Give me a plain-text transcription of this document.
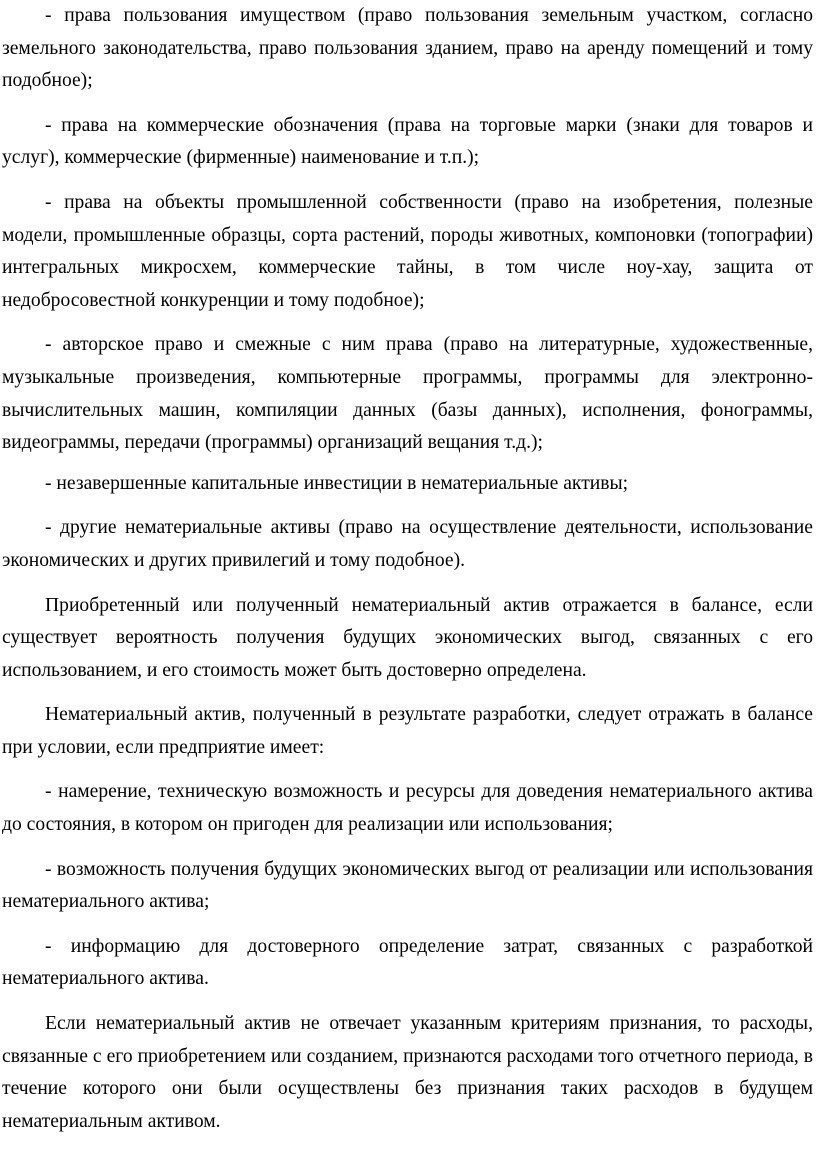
- права пользования имуществом (право пользования земельным участком, согласно земельного законодательства, право пользования зданием, право на аренду помещений и тому подобное);

- права на коммерческие обозначения (права на торговые марки (знаки для товаров и услуг), коммерческие (фирменные) наименование и т.п.);

- права на объекты промышленной собственности (право на изобретения, полезные модели, промышленные образцы, сорта растений, породы животных, компоновки (топографии) интегральных микросхем, коммерческие тайны, в том числе ноу-хау, защита от недобросовестной конкуренции и тому подобное);

- авторское право и смежные с ним права (право на литературные, художественные, музыкальные произведения, компьютерные программы, программы для электронно-вычислительных машин, компиляции данных (базы данных), исполнения, фонограммы, видеограммы, передачи (программы) организаций вещания т.д.);

- незавершенные капитальные инвестиции в нематериальные активы;

- другие нематериальные активы (право на осуществление деятельности, использование экономических и других привилегий и тому подобное).

Приобретенный или полученный нематериальный актив отражается в балансе, если существует вероятность получения будущих экономических выгод, связанных с его использованием, и его стоимость может быть достоверно определена.

Нематериальный актив, полученный в результате разработки, следует отражать в балансе при условии, если предприятие имеет:

- намерение, техническую возможность и ресурсы для доведения нематериального актива до состояния, в котором он пригоден для реализации или использования;

- возможность получения будущих экономических выгод от реализации или использования нематериального актива;

- информацию для достоверного определение затрат, связанных с разработкой нематериального актива.

Если нематериальный актив не отвечает указанным критериям признания, то расходы, связанные с его приобретением или созданием, признаются расходами того отчетного периода, в течение которого они были осуществлены без признания таких расходов в будущем нематериальным активом.
